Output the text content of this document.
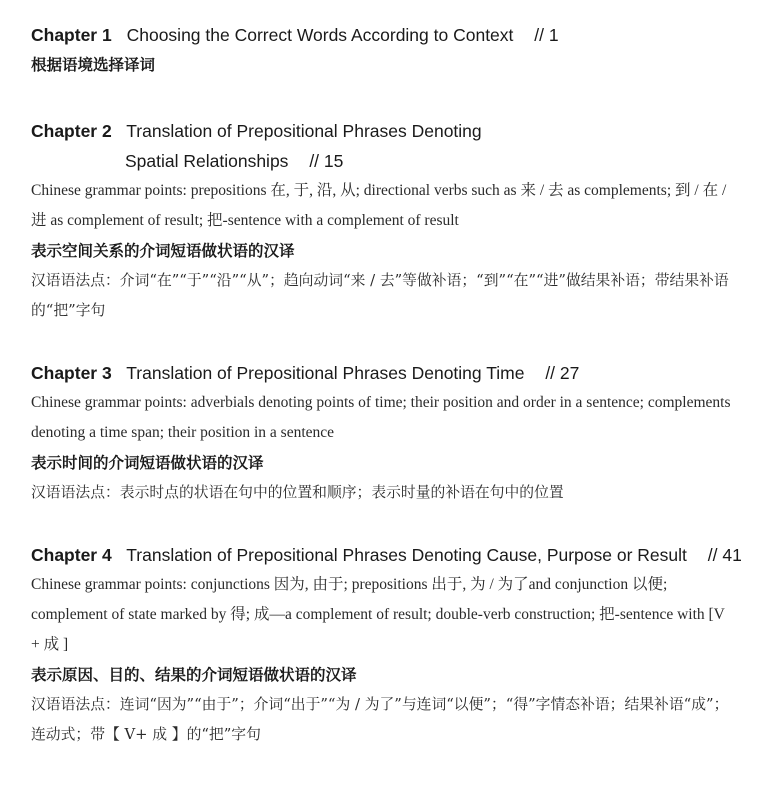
Chapter 1 Choosing the Correct Words According to Context // 1
根据语境选择译词
Chapter 2 Translation of Prepositional Phrases Denoting
Spatial Relationships // 15
Chinese grammar points: prepositions 在, 于, 沿, 从; directional verbs such as 来 / 去 as complements; 到 / 在 / 进 as complement of result; 把-sentence with a complement of result
表示空间关系的介词短语做状语的汉译
汉语语法点：介词“在”“于”“沿”“从”；趋向动词“来 / 去”等做补语；“到”“在”“进”做结果补语；带结果补语的“把”字句
Chapter 3 Translation of Prepositional Phrases Denoting Time // 27
Chinese grammar points: adverbials denoting points of time; their position and order in a sentence; complements denoting a time span; their position in a sentence
表示时间的介词短语做状语的汉译
汉语语法点：表示时点的状语在句中的位置和顺序；表示时量的补语在句中的位置
Chapter 4 Translation of Prepositional Phrases Denoting Cause, Purpose or Result // 41
Chinese grammar points: conjunctions 因为, 由于; prepositions 出于, 为 / 为了and conjunction 以便; complement of state marked by 得; 成—a complement of result; double-verb construction; 把-sentence with [V + 成 ]
表示原因、目的、结果的介词短语做状语的汉译
汉语语法点：连词“因为”“由于”；介词“出于”“为 / 为了”与连词“以便”；“得”字情态补语；结果补语“成”；连动式；带【 V+ 成 】的“把”字句
